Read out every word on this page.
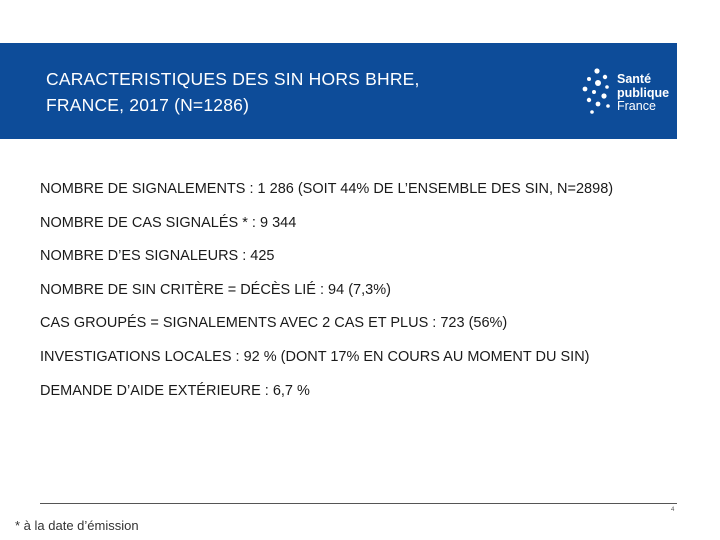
CARACTERISTIQUES DES SIN HORS BHRE,
FRANCE, 2017 (N=1286)
Santé
publique
France
NOMBRE DE SIGNALEMENTS : 1 286 (SOIT 44% DE L’ENSEMBLE DES SIN, N=2898)
NOMBRE DE CAS SIGNALÉS * : 9 344
NOMBRE D’ES SIGNALEURS : 425
NOMBRE DE SIN CRITÈRE = DÉCÈS LIÉ : 94 (7,3%)
CAS GROUPÉS = SIGNALEMENTS AVEC 2 CAS ET PLUS : 723 (56%)
INVESTIGATIONS LOCALES : 92 % (DONT 17% EN COURS AU MOMENT DU SIN)
DEMANDE D’AIDE EXTÉRIEURE : 6,7 %
4
* à la date d’émission
